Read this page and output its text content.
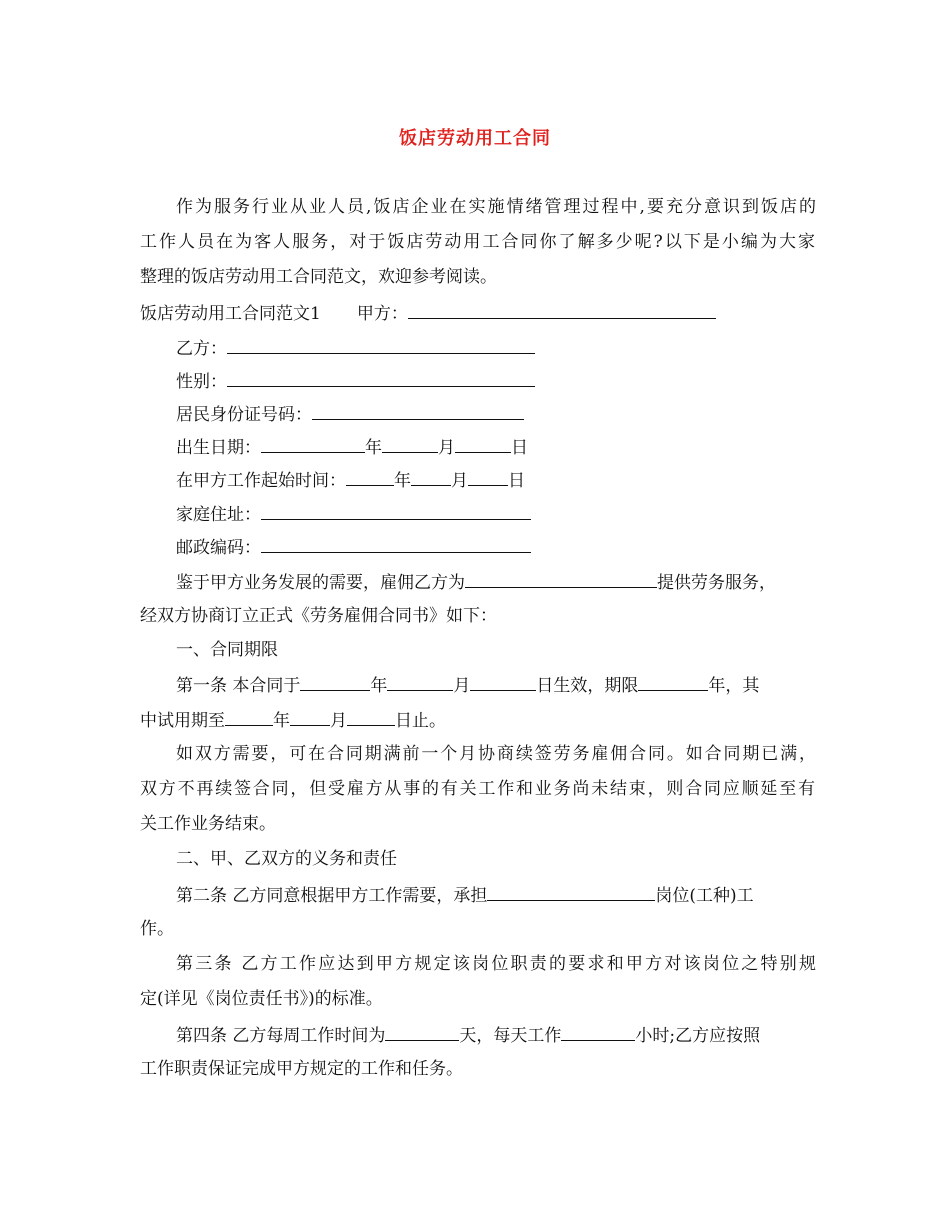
饭店劳动用工合同
作为服务行业从业人员,饭店企业在实施情绪管理过程中,要充分意识到饭店的
工作人员在为客人服务，对于饭店劳动用工合同你了解多少呢?以下是小编为大家
整理的饭店劳动用工合同范文，欢迎参考阅读。
饭店劳动用工合同范文1 甲方：
乙方：
性别：
居民身份证号码：
出生日期：	年	月	日
在甲方工作起始时间：	年 月 日
家庭住址：
邮政编码：
鉴于甲方业务发展的需要，雇佣乙方为	提供劳务服务，
经双方协商订立正式《劳务雇佣合同书》如下：
一、合同期限
第一条 本合同于	年	月	日生效，期限	年，其
中试用期至	年 月	日止。
如双方需要，可在合同期满前一个月协商续签劳务雇佣合同。如合同期已满，
双方不再续签合同，但受雇方从事的有关工作和业务尚未结束，则合同应顺延至有
关工作业务结束。
二、甲、乙双方的义务和责任
第二条 乙方同意根据甲方工作需要，承担	岗位(工种)工
作。
第三条 乙方工作应达到甲方规定该岗位职责的要求和甲方对该岗位之特别规
定(详见《岗位责任书》)的标准。
第四条 乙方每周工作时间为	天，每天工作	小时;乙方应按照
工作职责保证完成甲方规定的工作和任务。
